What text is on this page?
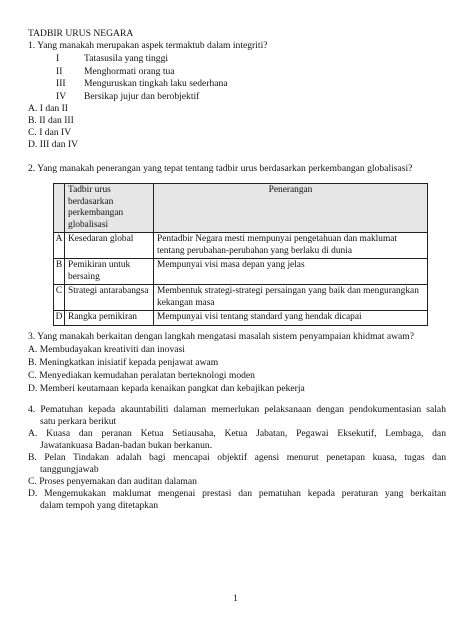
TADBIR URUS NEGARA
1. Yang manakah merupakan aspek termaktub dalam integriti?
I	Tatasusila yang tinggi
II Menghormati orang tua
III Menguruskan tingkah laku sederhana
IV Bersikap jujur dan berobjektif
A. I dan II
B. II dan III
C. I dan IV
D. III dan IV
2. Yang manakah penerangan yang tepat tentang tadbir urus berdasarkan perkembangan globalisasi?
	Tadbir urus berdasarkan perkembangan globalisasi	Penerangan
A	Kesedaran global	Pentadbir Negara mesti mempunyai pengetahuan dan maklumat tentang perubahan-perubahan yang berlaku di dunia
B	Pemikiran untuk bersaing	Mempunyai visi masa depan yang jelas
C	Strategi antarabangsa	Membentuk strategi-strategi persaingan yang baik dan mengurangkan kekangan masa
D	Rangka pemikiran	Mempunyai visi tentang standard yang hendak dicapai
3. Yang manakah berkaitan dengan langkah mengatasi masalah sistem penyampaian khidmat awam?
A. Membudayakan kreativiti dan inovasi
B. Meningkatkan inisiatif kepada penjawat awam
C. Menyediakan kemudahan peralatan berteknologi moden
D. Memberi keutamaan kepada kenaikan pangkat dan kebajikan pekerja
4. Pematuhan kepada akauntabiliti dalaman memerlukan pelaksanaan dengan pendokumentasian salah
satu perkara berikut
A. Kuasa dan peranan Ketua Setiausaha, Ketua Jabatan, Pegawai Eksekutif, Lembaga, dan
Jawatankuasa Badan-badan bukan berkanun.
B. Pelan Tindakan adalah bagi mencapai objektif agensi menurut penetapan kuasa, tugas dan
tanggungjawab
C. Proses penyemakan dan auditan dalaman
D. Mengemukakan maklumat mengenai prestasi dan pematuhan kepada peraturan yang berkaitan
dalam tempoh yang ditetapkan
1
